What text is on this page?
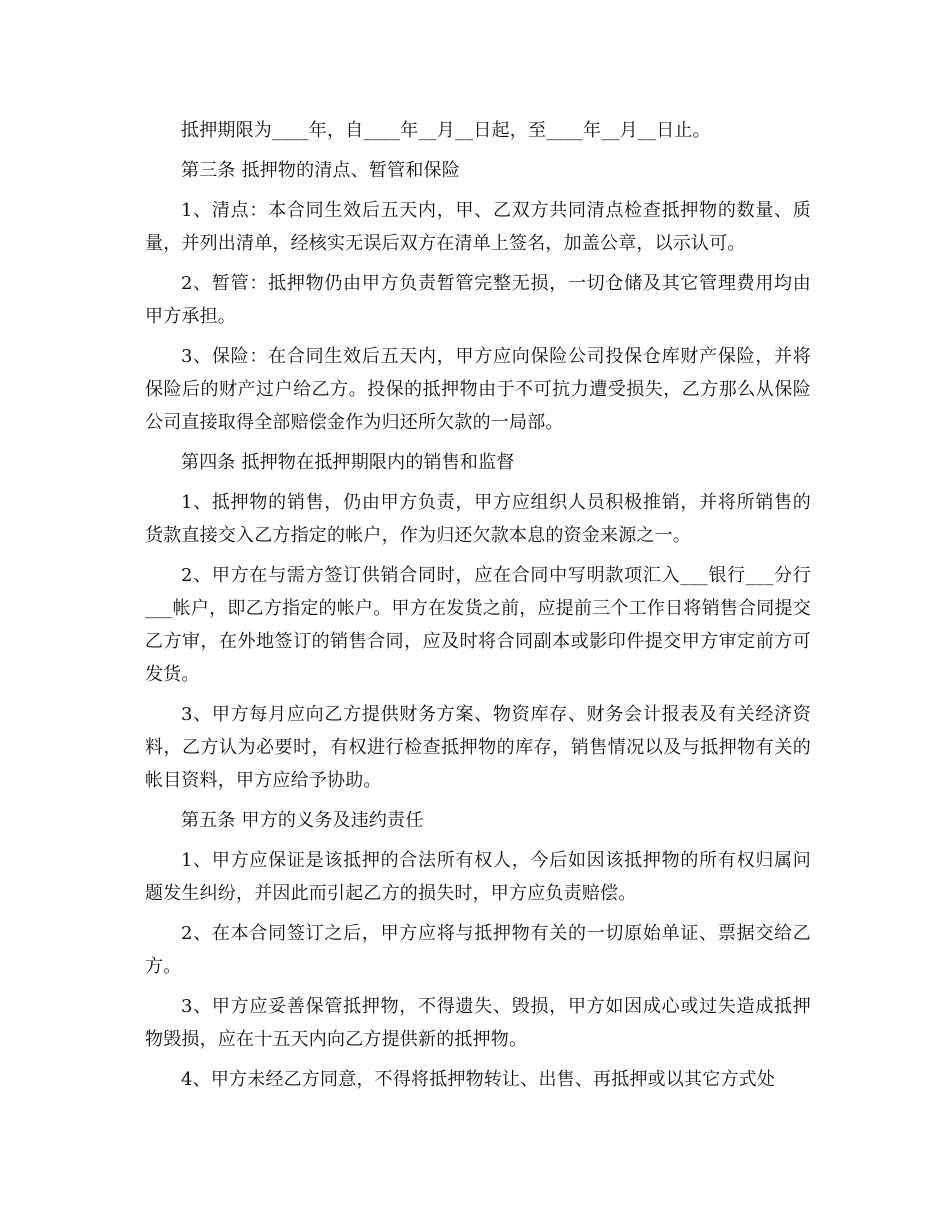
抵押期限为____年，自____年__月__日起，至____年__月__日止。

第三条 抵押物的清点、暂管和保险

1、清点：本合同生效后五天内，甲、乙双方共同清点检查抵押物的数量、质量，并列出清单，经核实无误后双方在清单上签名，加盖公章，以示认可。

2、暂管：抵押物仍由甲方负责暂管完整无损，一切仓储及其它管理费用均由甲方承担。

3、保险：在合同生效后五天内，甲方应向保险公司投保仓库财产保险，并将保险后的财产过户给乙方。投保的抵押物由于不可抗力遭受损失，乙方那么从保险公司直接取得全部赔偿金作为归还所欠款的一局部。

第四条 抵押物在抵押期限内的销售和监督

1、抵押物的销售，仍由甲方负责，甲方应组织人员积极推销，并将所销售的货款直接交入乙方指定的帐户，作为归还欠款本息的资金来源之一。

2、甲方在与需方签订供销合同时，应在合同中写明款项汇入___银行___分行___帐户，即乙方指定的帐户。甲方在发货之前，应提前三个工作日将销售合同提交乙方审，在外地签订的销售合同，应及时将合同副本或影印件提交甲方审定前方可发货。

3、甲方每月应向乙方提供财务方案、物资库存、财务会计报表及有关经济资料，乙方认为必要时，有权进行检查抵押物的库存，销售情况以及与抵押物有关的帐目资料，甲方应给予协助。

第五条 甲方的义务及违约责任

1、甲方应保证是该抵押的合法所有权人，今后如因该抵押物的所有权归属问题发生纠纷，并因此而引起乙方的损失时，甲方应负责赔偿。

2、在本合同签订之后，甲方应将与抵押物有关的一切原始单证、票据交给乙方。

3、甲方应妥善保管抵押物，不得遗失、毁损，甲方如因成心或过失造成抵押物毁损，应在十五天内向乙方提供新的抵押物。

4、甲方未经乙方同意，不得将抵押物转让、出售、再抵押或以其它方式处
